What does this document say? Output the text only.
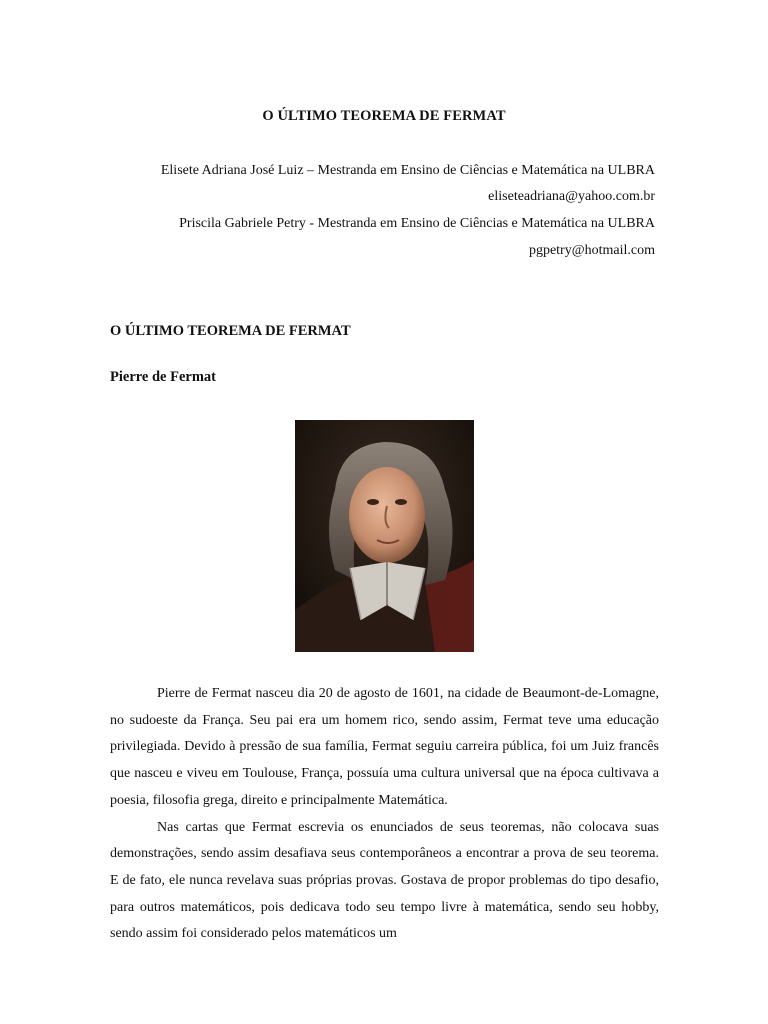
O ÚLTIMO TEOREMA DE FERMAT
Elisete Adriana José Luiz – Mestranda em Ensino de Ciências e Matemática na ULBRA
eliseteadriana@yahoo.com.br
Priscila Gabriele Petry - Mestranda em Ensino de Ciências e Matemática na ULBRA
pgpetry@hotmail.com
O ÚLTIMO TEOREMA DE FERMAT
Pierre de Fermat

Pierre de Fermat nasceu dia 20 de agosto de 1601, na cidade de Beaumont-de-Lomagne, no sudoeste da França. Seu pai era um homem rico, sendo assim, Fermat teve uma educação privilegiada. Devido à pressão de sua família, Fermat seguiu carreira pública, foi um Juiz francês que nasceu e viveu em Toulouse, França, possuía uma cultura universal que na época cultivava a poesia, filosofia grega, direito e principalmente Matemática.

Nas cartas que Fermat escrevia os enunciados de seus teoremas, não colocava suas demonstrações, sendo assim desafiava seus contemporâneos a encontrar a prova de seu teorema. E de fato, ele nunca revelava suas próprias provas. Gostava de propor problemas do tipo desafio, para outros matemáticos, pois dedicava todo seu tempo livre à matemática, sendo seu hobby, sendo assim foi considerado pelos matemáticos um
